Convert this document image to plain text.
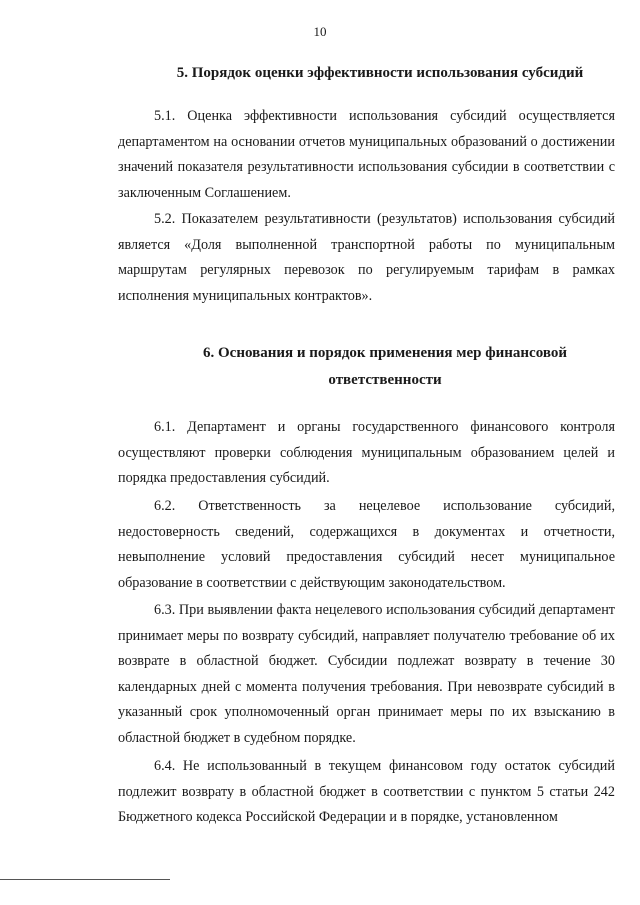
10
5. Порядок оценки эффективности использования субсидий

5.1. Оценка эффективности использования субсидий осуществляется департаментом на основании отчетов муниципальных образований о достижении значений показателя результативности использования субсидии в соответствии с заключенным Соглашением.

5.2. Показателем результативности (результатов) использования субсидий является «Доля выполненной транспортной работы по муниципальным маршрутам регулярных перевозок по регулируемым тарифам в рамках исполнения муниципальных контрактов».

6. Основания и порядок применения мер финансовой
ответственности

6.1. Департамент и органы государственного финансового контроля осуществляют проверки соблюдения муниципальным образованием целей и порядка предоставления субсидий.

6.2. Ответственность за нецелевое использование субсидий, недостоверность сведений, содержащихся в документах и отчетности, невыполнение условий предоставления субсидий несет муниципальное образование в соответствии с действующим законодательством.

6.3. При выявлении факта нецелевого использования субсидий департамент принимает меры по возврату субсидий, направляет получателю требование об их возврате в областной бюджет. Субсидии подлежат возврату в течение 30 календарных дней с момента получения требования. При невозврате субсидий в указанный срок уполномоченный орган принимает меры по их взысканию в областной бюджет в судебном порядке.

6.4. Не использованный в текущем финансовом году остаток субсидий подлежит возврату в областной бюджет в соответствии с пунктом 5 статьи 242 Бюджетного кодекса Российской Федерации и в порядке, установленном
